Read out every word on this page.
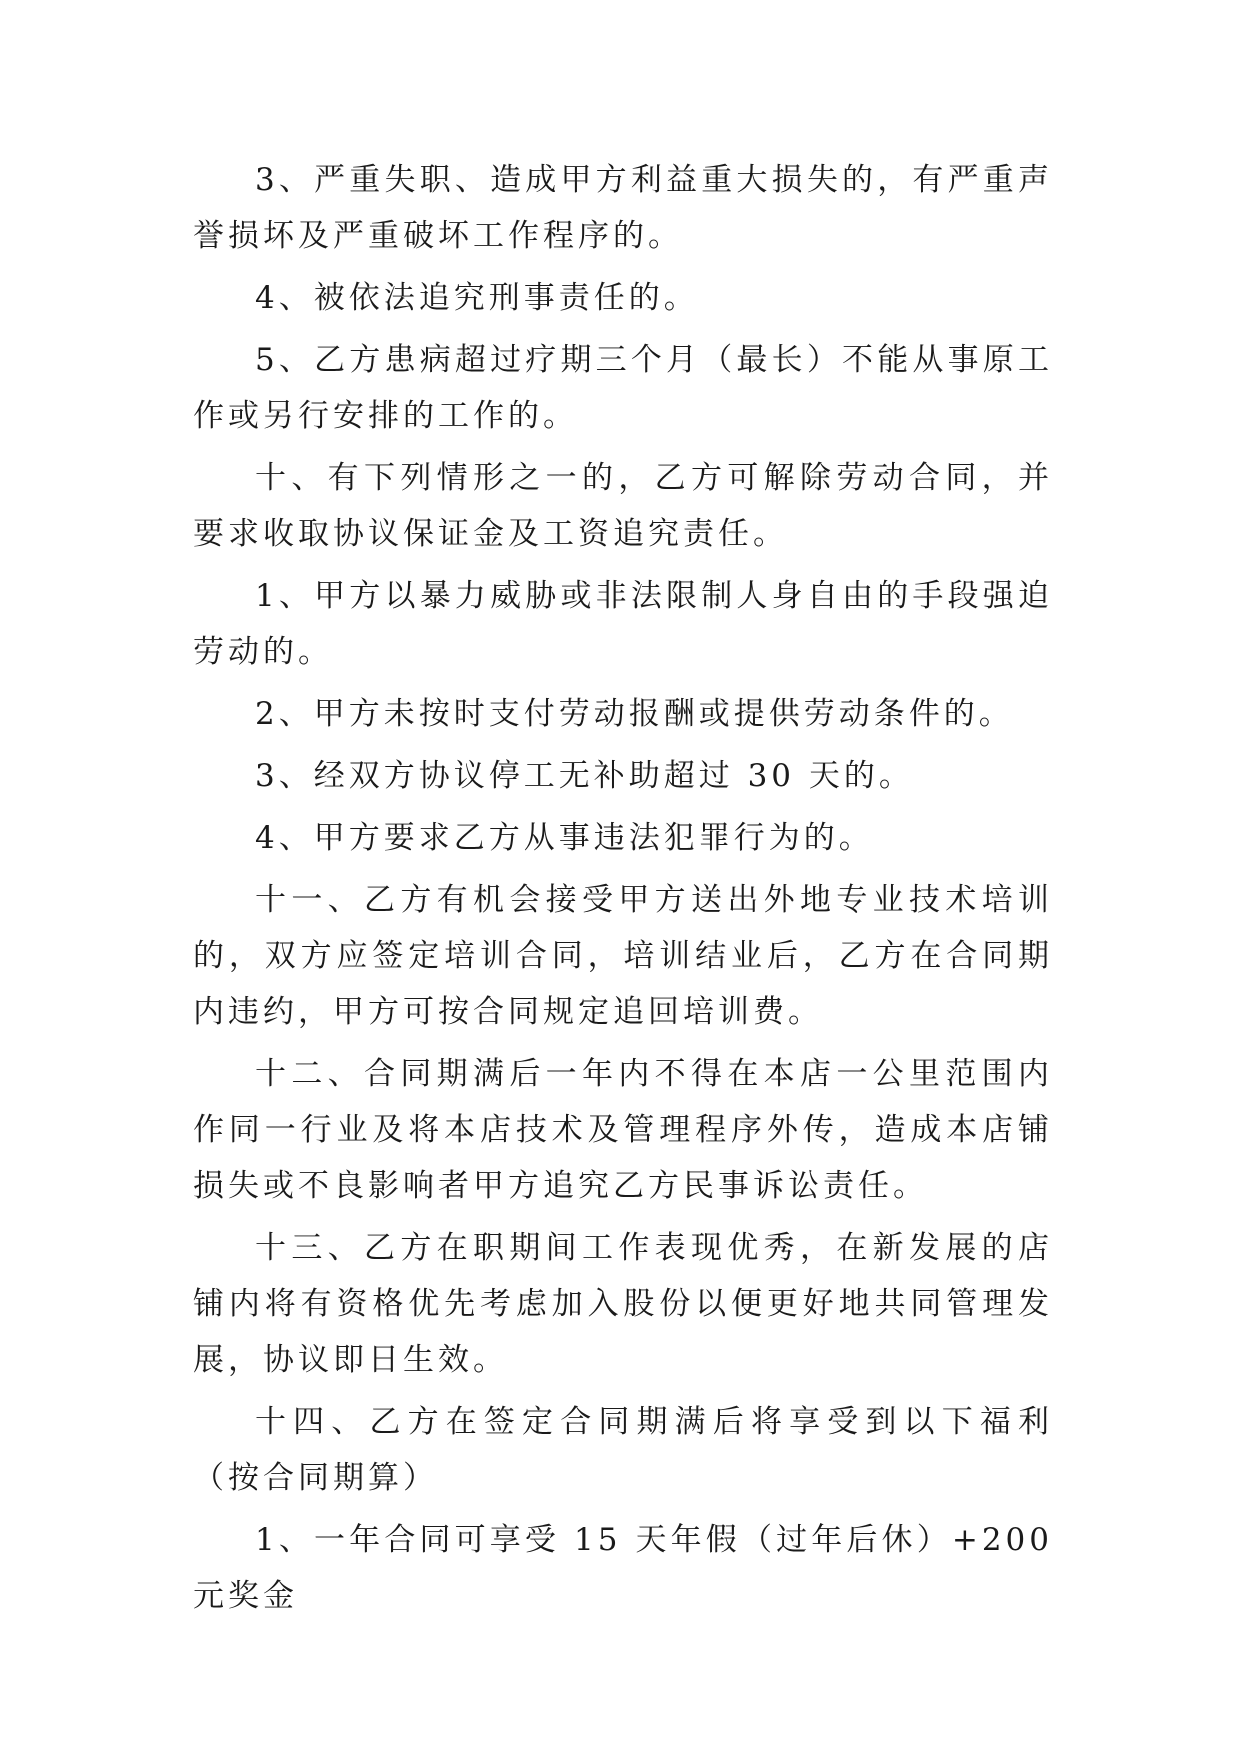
3、严重失职、造成甲方利益重大损失的，有严重声誉损坏及严重破坏工作程序的。

4、被依法追究刑事责任的。

5、乙方患病超过疗期三个月（最长）不能从事原工作或另行安排的工作的。

十、有下列情形之一的，乙方可解除劳动合同，并要求收取协议保证金及工资追究责任。

1、甲方以暴力威胁或非法限制人身自由的手段强迫劳动的。

2、甲方未按时支付劳动报酬或提供劳动条件的。

3、经双方协议停工无补助超过 30 天的。

4、甲方要求乙方从事违法犯罪行为的。

十一、乙方有机会接受甲方送出外地专业技术培训的，双方应签定培训合同，培训结业后，乙方在合同期内违约，甲方可按合同规定追回培训费。

十二、合同期满后一年内不得在本店一公里范围内作同一行业及将本店技术及管理程序外传，造成本店铺损失或不良影响者甲方追究乙方民事诉讼责任。

十三、乙方在职期间工作表现优秀，在新发展的店铺内将有资格优先考虑加入股份以便更好地共同管理发展，协议即日生效。

十四、乙方在签定合同期满后将享受到以下福利（按合同期算）

1、一年合同可享受 15 天年假（过年后休）+200 元奖金
